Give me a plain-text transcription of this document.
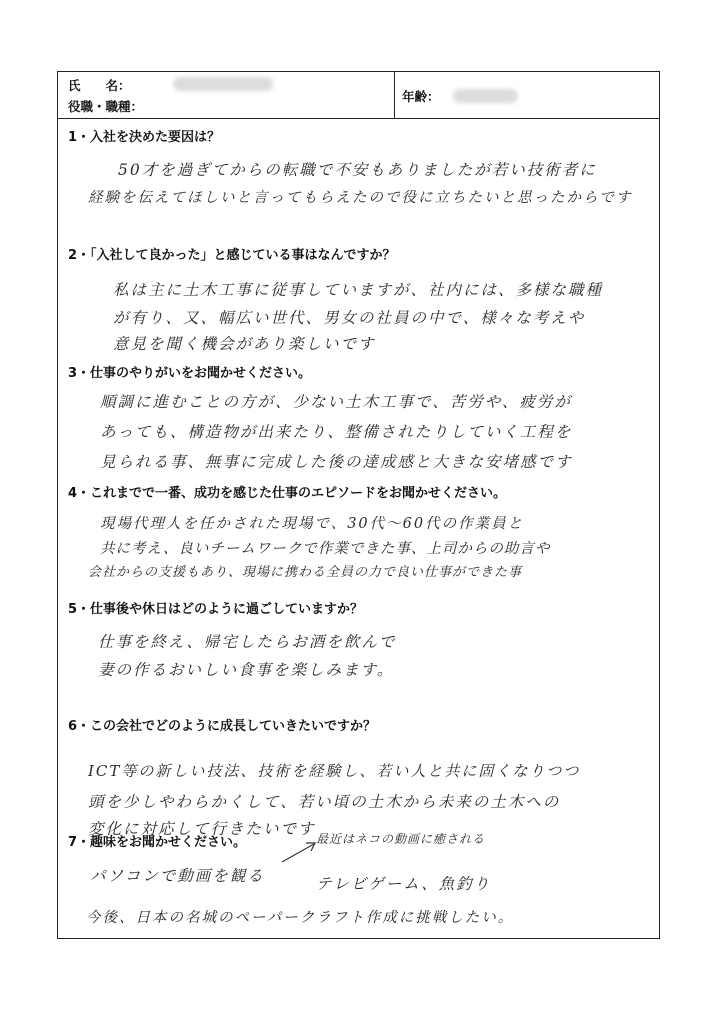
氏　　名：
役職・職種：
年齢：
1・入社を決めた要因は？
50才を過ぎてからの転職で不安もありましたが若い技術者に
経験を伝えてほしいと言ってもらえたので役に立ちたいと思ったからです
2・「入社して良かった」と感じている事はなんですか？
私は主に土木工事に従事していますが、社内には、多様な職種
が有り、又、幅広い世代、男女の社員の中で、様々な考えや
意見を聞く機会があり楽しいです
3・仕事のやりがいをお聞かせください。
順調に進むことの方が、少ない土木工事で、苦労や、疲労が
あっても、構造物が出来たり、整備されたりしていく工程を
見られる事、無事に完成した後の達成感と大きな安堵感です
4・これまでで一番、成功を感じた仕事のエピソードをお聞かせください。
現場代理人を任かされた現場で、30代～60代の作業員と
共に考え、良いチームワークで作業できた事、上司からの助言や
会社からの支援もあり、現場に携わる全員の力で良い仕事ができた事
5・仕事後や休日はどのように過ごしていますか？
仕事を終え、帰宅したらお酒を飲んで
妻の作るおいしい食事を楽しみます。
6・この会社でどのように成長していきたいですか？
ICT等の新しい技法、技術を経験し、若い人と共に固くなりつつ
頭を少しやわらかくして、若い頃の土木から未来の土木への
変化に対応して行きたいです
7・趣味をお聞かせください。	最近はネコの動画に癒される
パソコンで動画を観る	テレビゲーム、魚釣り
今後、日本の名城のペーパークラフト作成に挑戦したい。
